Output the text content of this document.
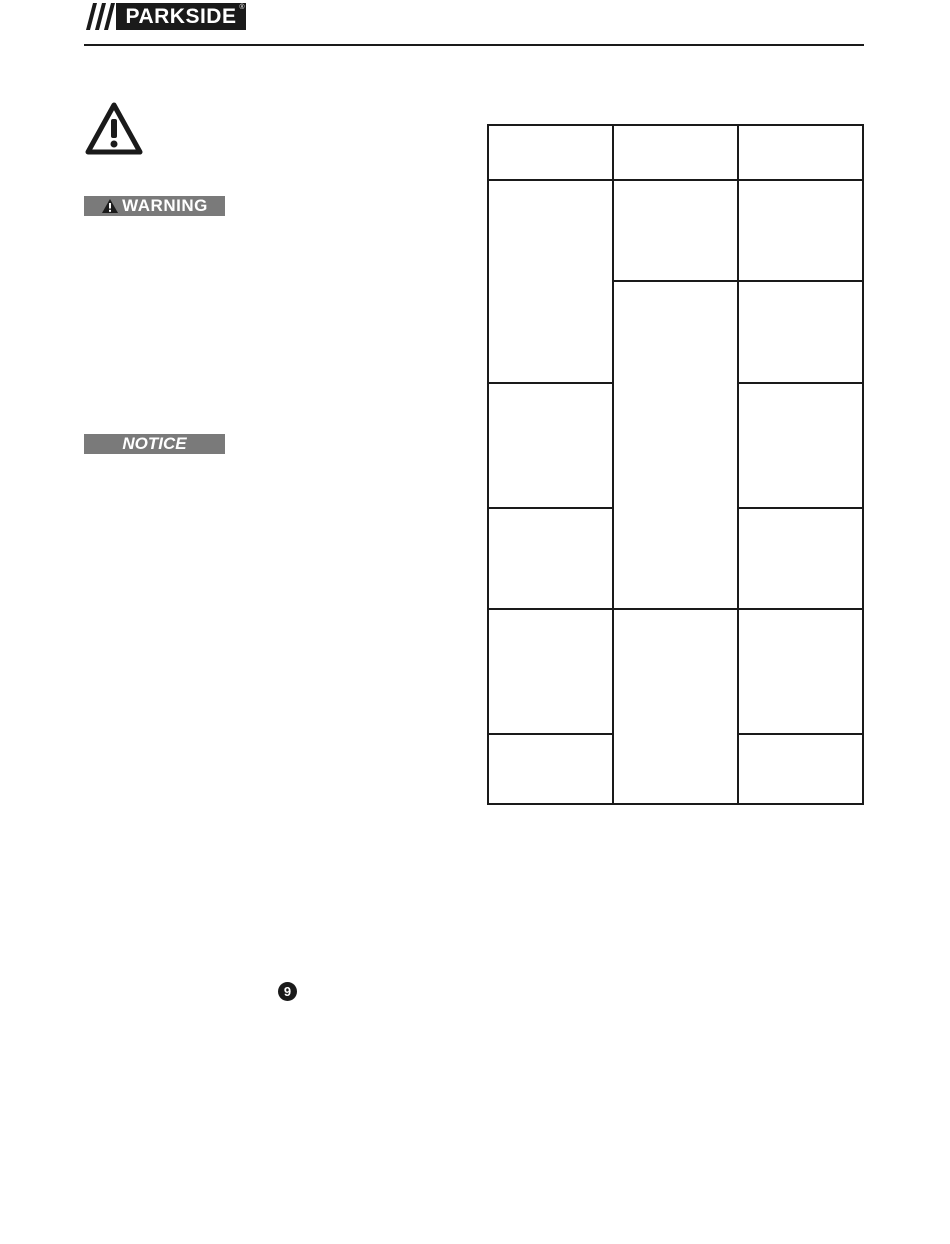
PARKSIDE ®
WARNING
NOTICE
9
